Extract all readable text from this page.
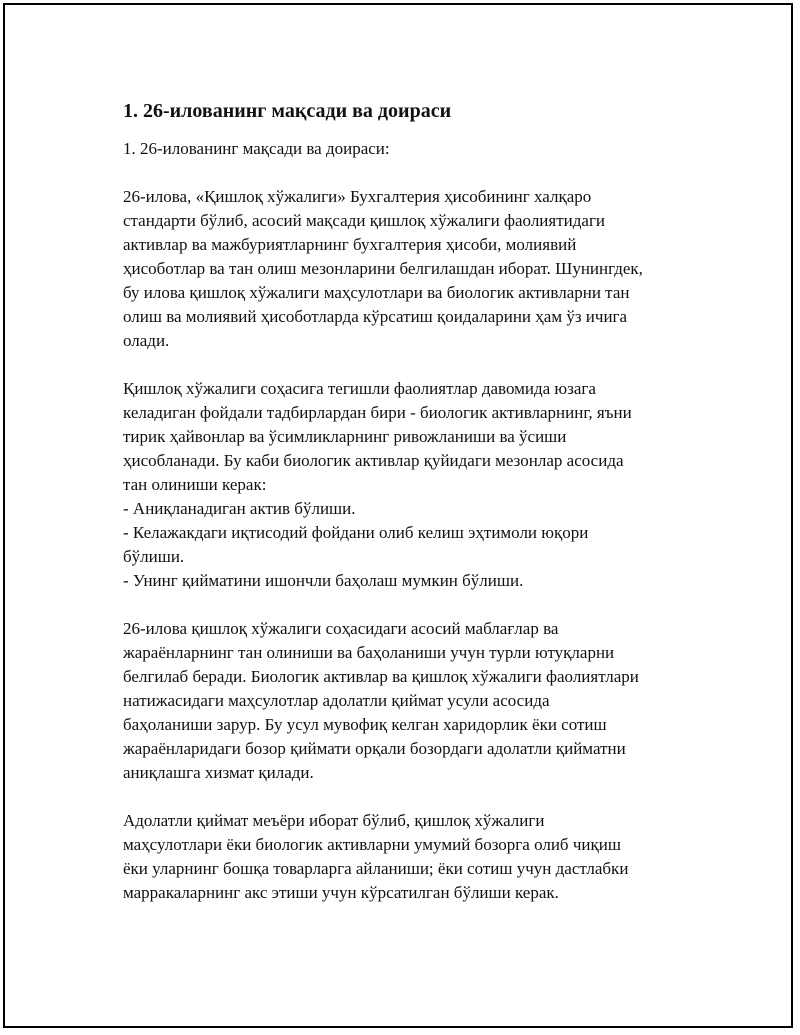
1. 26-илованинг мақсади ва доираси
1. 26-илованинг мақсади ва доираси:
26-илова, «Қишлоқ хўжалиги» Бухгалтерия ҳисобининг халқаро
стандарти бўлиб, асосий мақсади қишлоқ хўжалиги фаолиятидаги
активлар ва мажбуриятларнинг бухгалтерия ҳисоби, молиявий
ҳисоботлар ва тан олиш мезонларини белгилашдан иборат. Шунингдек,
бу илова қишлоқ хўжалиги маҳсулотлари ва биологик активларни тан
олиш ва молиявий ҳисоботларда кўрсатиш қоидаларини ҳам ўз ичига
олади.
Қишлоқ хўжалиги соҳасига тегишли фаолиятлар давомида юзага
келадиган фойдали тадбирлардан бири - биологик активларнинг, яъни
тирик ҳайвонлар ва ўсимликларнинг ривожланиши ва ўсиши
ҳисобланади. Бу каби биологик активлар қуйидаги мезонлар асосида
тан олиниши керак:
- Аниқланадиган актив бўлиши.
- Келажакдаги иқтисодий фойдани олиб келиш эҳтимоли юқори
бўлиши.
- Унинг қийматини ишончли баҳолаш мумкин бўлиши.
26-илова қишлоқ хўжалиги соҳасидаги асосий маблағлар ва
жараёнларнинг тан олиниши ва баҳоланиши учун турли ютуқларни
белгилаб беради. Биологик активлар ва қишлоқ хўжалиги фаолиятлари
натижасидаги маҳсулотлар адолатли қиймат усули асосида
баҳоланиши зарур. Бу усул мувофиқ келган харидорлик ёки сотиш
жараёнларидаги бозор қиймати орқали бозордаги адолатли қийматни
аниқлашга хизмат қилади.
Адолатли қиймат меъёри иборат бўлиб, қишлоқ хўжалиги
маҳсулотлари ёки биологик активларни умумий бозорга олиб чиқиш
ёки уларнинг бошқа товарларга айланиши; ёки сотиш учун дастлабки
марракаларнинг акс этиши учун кўрсатилган бўлиши керак.
